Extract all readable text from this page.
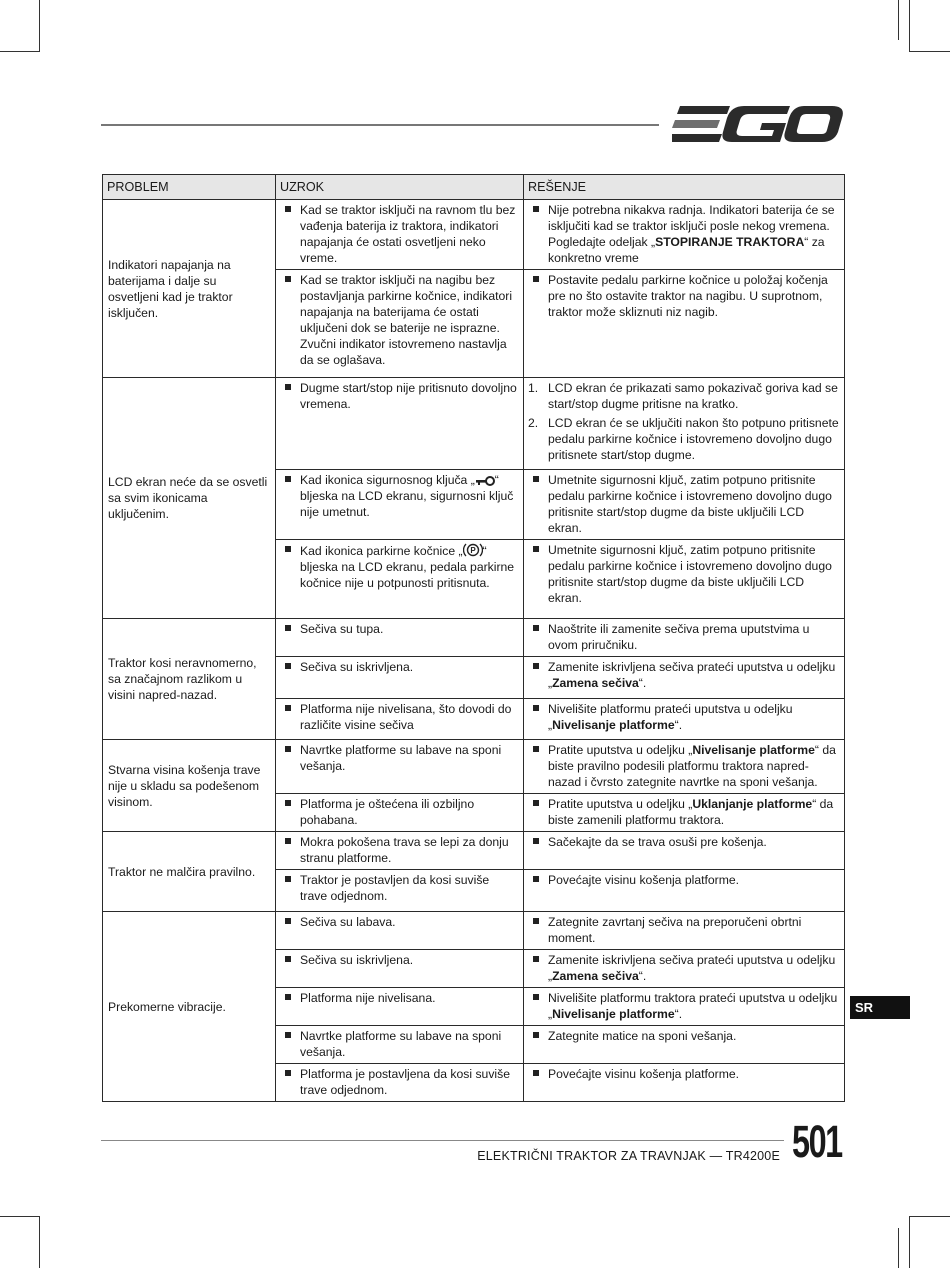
PROBLEM	UZROK	REŠENJE
Indikatori napajanja na baterijama i dalje su osvetljeni kad je traktor isključen.	Kad se traktor isključi na ravnom tlu bez vađenja baterija iz traktora, indikatori napajanja će ostati osvetljeni neko vreme.	Nije potrebna nikakva radnja. Indikatori baterija će se isključiti kad se traktor isključi posle nekog vremena. Pogledajte odeljak „STOPIRANJE TRAKTORA“ za konkretno vreme

	Kad se traktor isključi na nagibu bez postavljanja parkirne kočnice, indikatori napajanja na baterijama će ostati uključeni dok se baterije ne isprazne. Zvučni indikator istovremeno nastavlja da se oglašava.	Postavite pedalu parkirne kočnice u položaj kočenja pre no što ostavite traktor na nagibu. U suprotnom, traktor može skliznuti niz nagib.

LCD ekran neće da se osvetli sa svim ikonicama uključenim.	Dugme start/stop nije pritisnuto dovoljno vremena.	1. LCD ekran će prikazati samo pokazivač goriva kad se start/stop dugme pritisne na kratko.
2. LCD ekran će se uključiti nakon što potpuno pritisnete pedalu parkirne kočnice i istovremeno dovoljno dugo pritisnete start/stop dugme.

	Kad ikonica sigurnosnog ključa „ “ bljeska na LCD ekranu, sigurnosni ključ nije umetnut.	Umetnite sigurnosni ključ, zatim potpuno pritisnite pedalu parkirne kočnice i istovremeno dovoljno dugo pritisnite start/stop dugme da biste uključili LCD ekran.

	Kad ikonica parkirne kočnice „ P “ bljeska na LCD ekranu, pedala parkirne kočnice nije u potpunosti pritisnuta.	Umetnite sigurnosni ključ, zatim potpuno pritisnite pedalu parkirne kočnice i istovremeno dovoljno dugo pritisnite start/stop dugme da biste uključili LCD ekran.

Traktor kosi neravnomerno, sa značajnom razlikom u visini napred-nazad.	Sečiva su tupa.	Naoštrite ili zamenite sečiva prema uputstvima u ovom priručniku.

	Sečiva su iskrivljena.	Zamenite iskrivljena sečiva prateći uputstva u odeljku „Zamena sečiva“.

	Platforma nije nivelisana, što dovodi do različite visine sečiva	Nivelišite platformu prateći uputstva u odeljku „Nivelisanje platforme“.

Stvarna visina košenja trave nije u skladu sa podešenom visinom.	Navrtke platforme su labave na sponi vešanja.	Pratite uputstva u odeljku „Nivelisanje platforme“ da biste pravilno podesili platformu traktora napred-nazad i čvrsto zategnite navrtke na sponi vešanja.

	Platforma je oštećena ili ozbiljno pohabana.	Pratite uputstva u odeljku „Uklanjanje platforme“ da biste zamenili platformu traktora.

Traktor ne malčira pravilno.	Mokra pokošena trava se lepi za donju stranu platforme.	Sačekajte da se trava osuši pre košenja.

	Traktor je postavljen da kosi suviše trave odjednom.	Povećajte visinu košenja platforme.

Prekomerne vibracije.	Sečiva su labava.	Zategnite zavrtanj sečiva na preporučeni obrtni moment.

	Sečiva su iskrivljena.	Zamenite iskrivljena sečiva prateći uputstva u odeljku „Zamena sečiva“.

	Platforma nije nivelisana.	Nivelišite platformu traktora prateći uputstva u odeljku „Nivelisanje platforme“.

	Navrtke platforme su labave na sponi vešanja.	Zategnite matice na sponi vešanja.

	Platforma je postavljena da kosi suviše trave odjednom.	Povećajte visinu košenja platforme.
SR
ELEKTRIČNI TRAKTOR ZA TRAVNJAK — TR4200E 501
